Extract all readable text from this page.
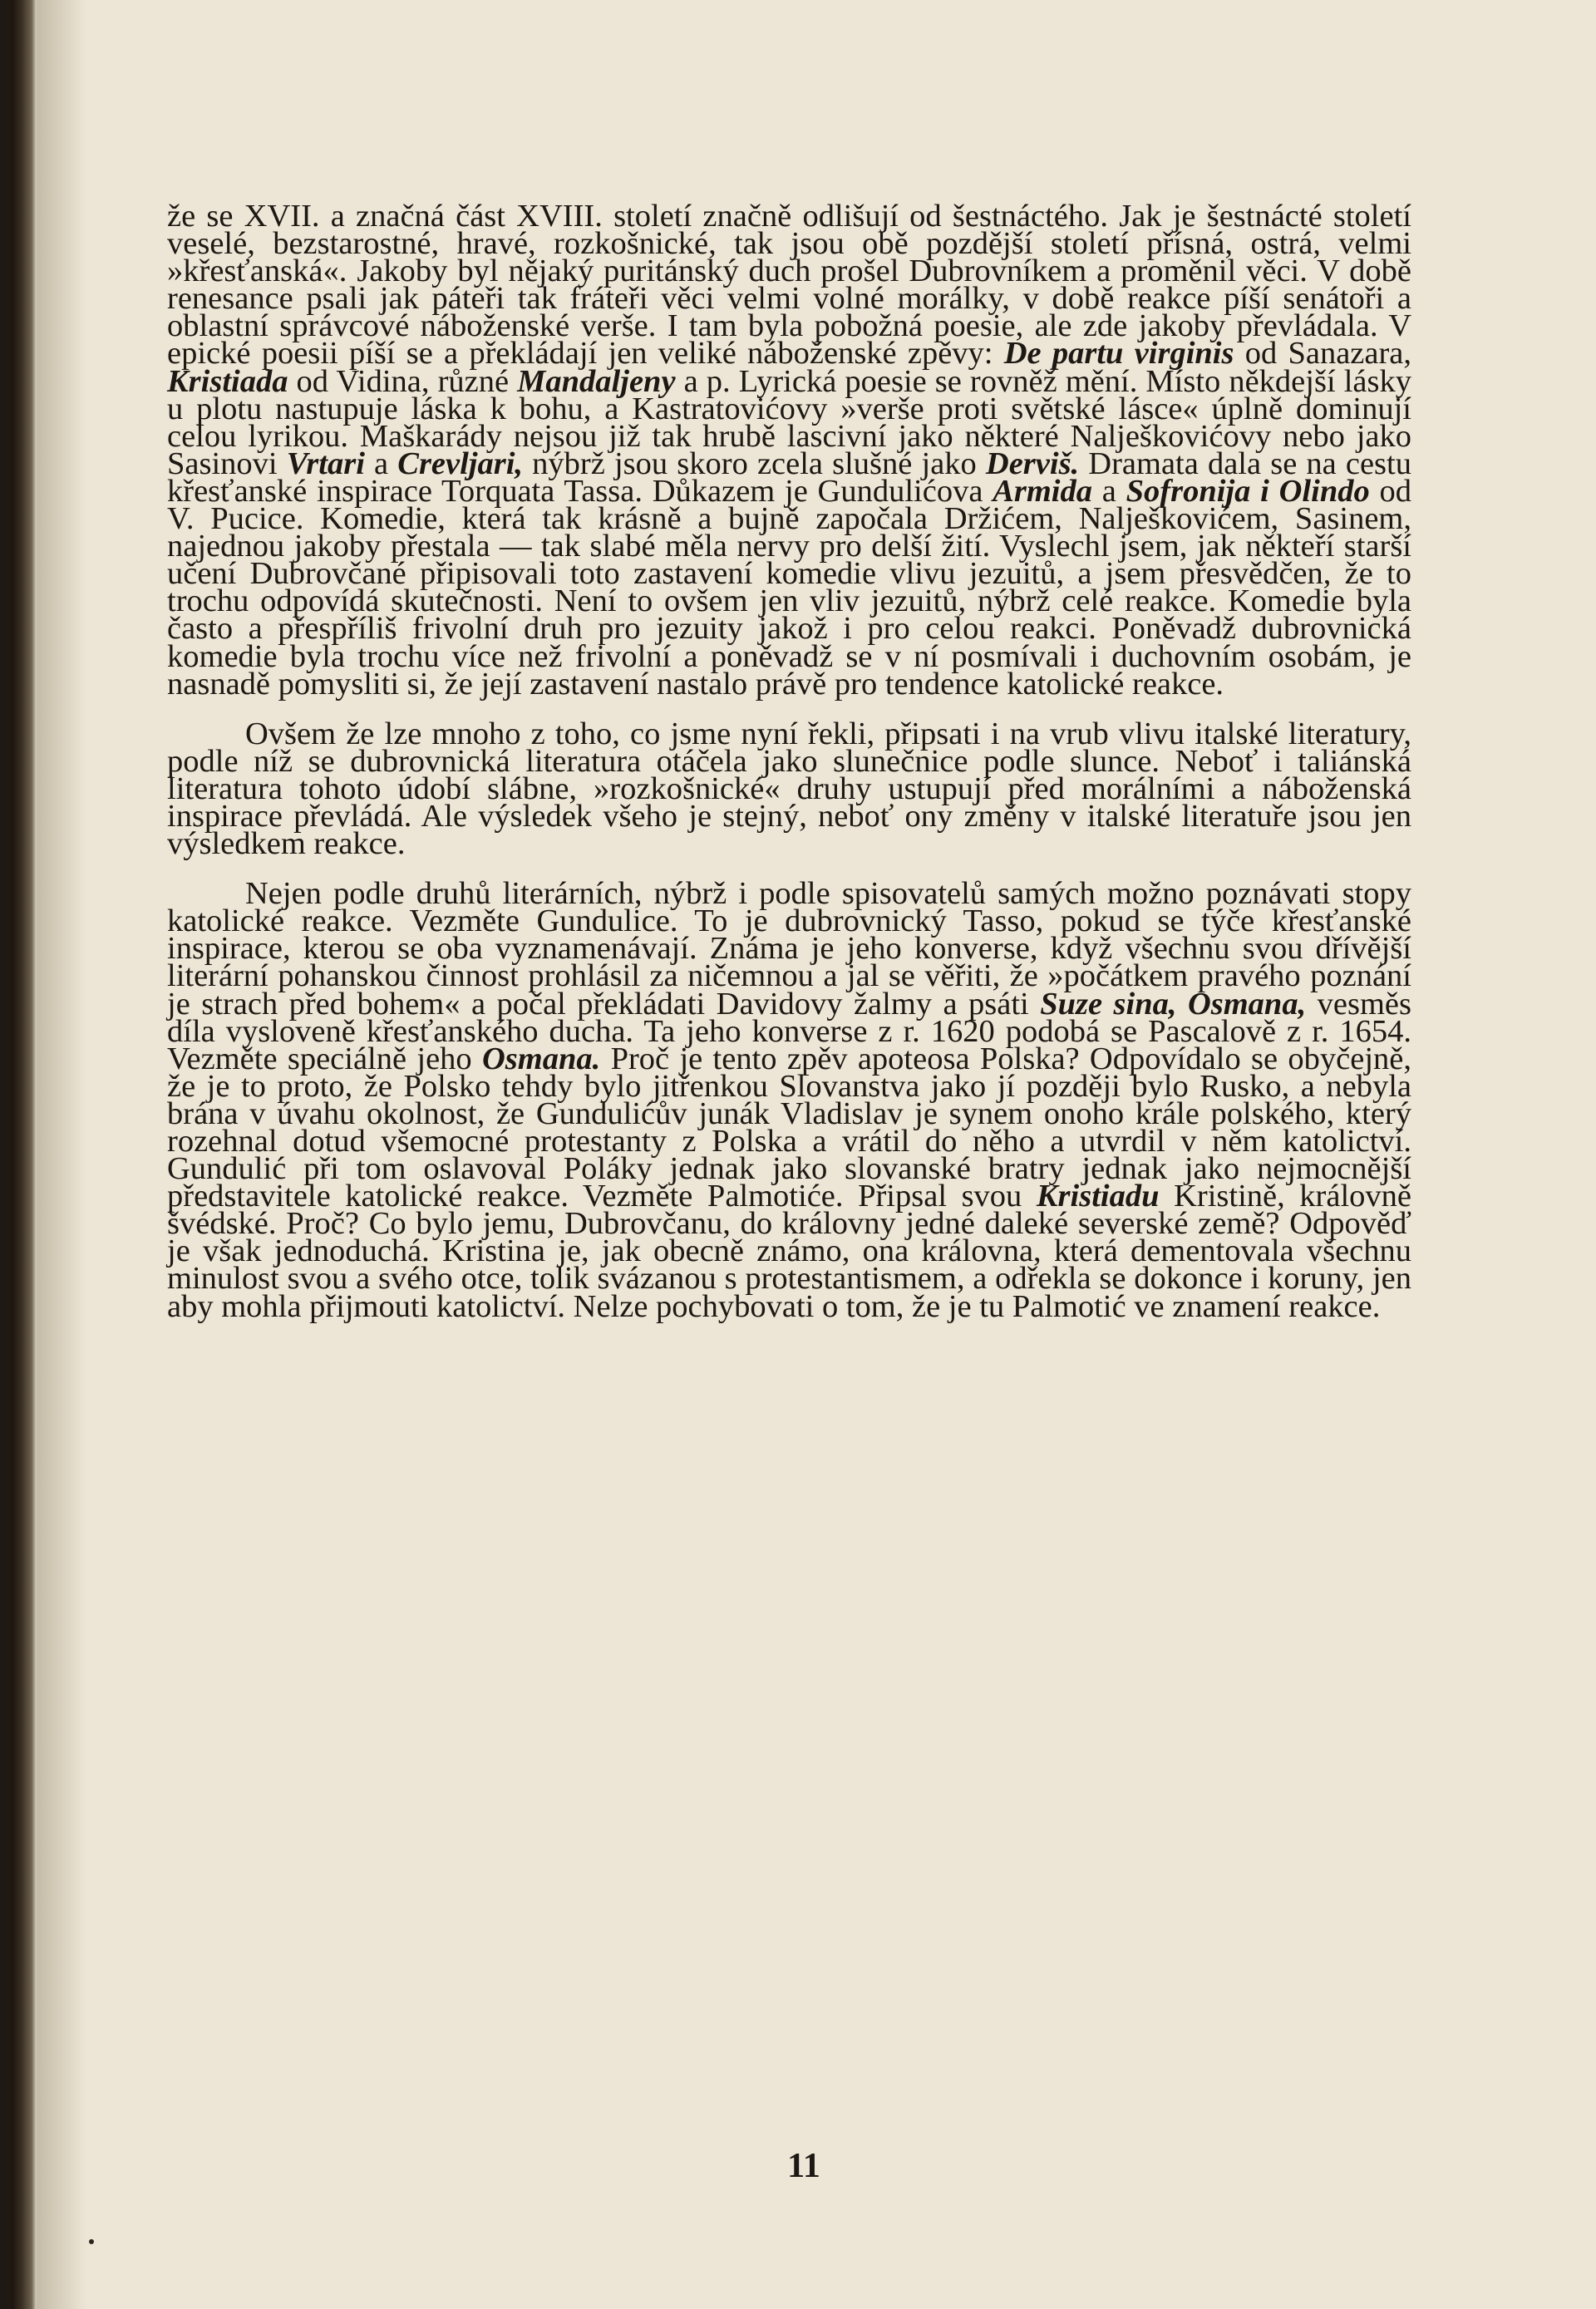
že se XVII. a značná část XVIII. století značně odlišují od šestnáctého. Jak je šestnácté století veselé, bezstarostné, hravé, rozkošnické, tak jsou obě pozdější století přísná, ostrá, velmi »křesťanská«. Jakoby byl nějaký puritánský duch prošel Dubrovníkem a proměnil věci. V době renesance psali jak páteři tak fráteři věci velmi volné morálky, v době reakce píší senátoři a oblastní správcové náboženské verše. I tam byla pobožná poesie, ale zde jakoby převládala. V epické poesii píší se a překládají jen veliké náboženské zpěvy: De partu virginis od Sanazara, Kristiada od Vidina, různé Mandaljeny a p. Lyrická poesie se rovněž mění. Místo někdejší lásky u plotu nastupuje láska k bohu, a Kastratovićovy »verše proti světské lásce« úplně dominují celou lyrikou. Maškarády nejsou již tak hrubě lascivní jako některé Nalješkovićovy nebo jako Sasinovi Vrtari a Crevljari, nýbrž jsou skoro zcela slušné jako Derviš. Dramata dala se na cestu křesťanské inspirace Torquata Tassa. Důkazem je Gundulićova Armida a Sofronija i Olindo od V. Pucice. Komedie, která tak krásně a bujně započala Držićem, Nalješkovićem, Sasinem, najednou jakoby přestala — tak slabé měla nervy pro delší žití. Vyslechl jsem, jak někteří starší učení Dubrovčané připisovali toto zastavení komedie vlivu jezuitů, a jsem přesvědčen, že to trochu odpovídá skutečnosti. Není to ovšem jen vliv jezuitů, nýbrž celé reakce. Komedie byla často a přespříliš frivolní druh pro jezuity jakož i pro celou reakci. Poněvadž dubrovnická komedie byla trochu více než frivolní a poněvadž se v ní posmívali i duchovním osobám, je nasnadě pomysliti si, že její zastavení nastalo právě pro tendence katolické reakce.

Ovšem že lze mnoho z toho, co jsme nyní řekli, připsati i na vrub vlivu italské literatury, podle níž se dubrovnická literatura otáčela jako slunečnice podle slunce. Neboť i taliánská literatura tohoto údobí slábne, »rozkošnické« druhy ustupují před morálními a náboženská inspirace převládá. Ale výsledek všeho je stejný, neboť ony změny v italské literatuře jsou jen výsledkem reakce.

Nejen podle druhů literárních, nýbrž i podle spisovatelů samých možno poznávati stopy katolické reakce. Vezměte Gundulice. To je dubrovnický Tasso, pokud se týče křesťanské inspirace, kterou se oba vyznamenávají. Známa je jeho konverse, když všechnu svou dřívější literární pohanskou činnost prohlásil za ničemnou a jal se věřiti, že »počátkem pravého poznání je strach před bohem« a počal překládati Davidovy žalmy a psáti Suze sina, Osmana, vesměs díla vysloveně křesťanského ducha. Ta jeho konverse z r. 1620 podobá se Pascalově z r. 1654. Vezměte speciálně jeho Osmana. Proč je tento zpěv apoteosa Polska? Odpovídalo se obyčejně, že je to proto, že Polsko tehdy bylo jitřenkou Slovanstva jako jí později bylo Rusko, a nebyla brána v úvahu okolnost, že Gundulićův junák Vladislav je synem onoho krále polského, který rozehnal dotud všemocné protestanty z Polska a vrátil do něho a utvrdil v něm katolictví. Gundulić při tom oslavoval Poláky jednak jako slovanské bratry jednak jako nejmocnější představitele katolické reakce. Vezměte Palmotiće. Připsal svou Kristiadu Kristině, královně švédské. Proč? Co bylo jemu, Dubrovčanu, do královny jedné daleké severské země? Odpověď je však jednoduchá. Kristina je, jak obecně známo, ona královna, která dementovala všechnu minulost svou a svého otce, tolik svázanou s protestantismem, a odřekla se dokonce i koruny, jen aby mohla přijmouti katolictví. Nelze pochybovati o tom, že je tu Palmotić ve znamení reakce.

11
